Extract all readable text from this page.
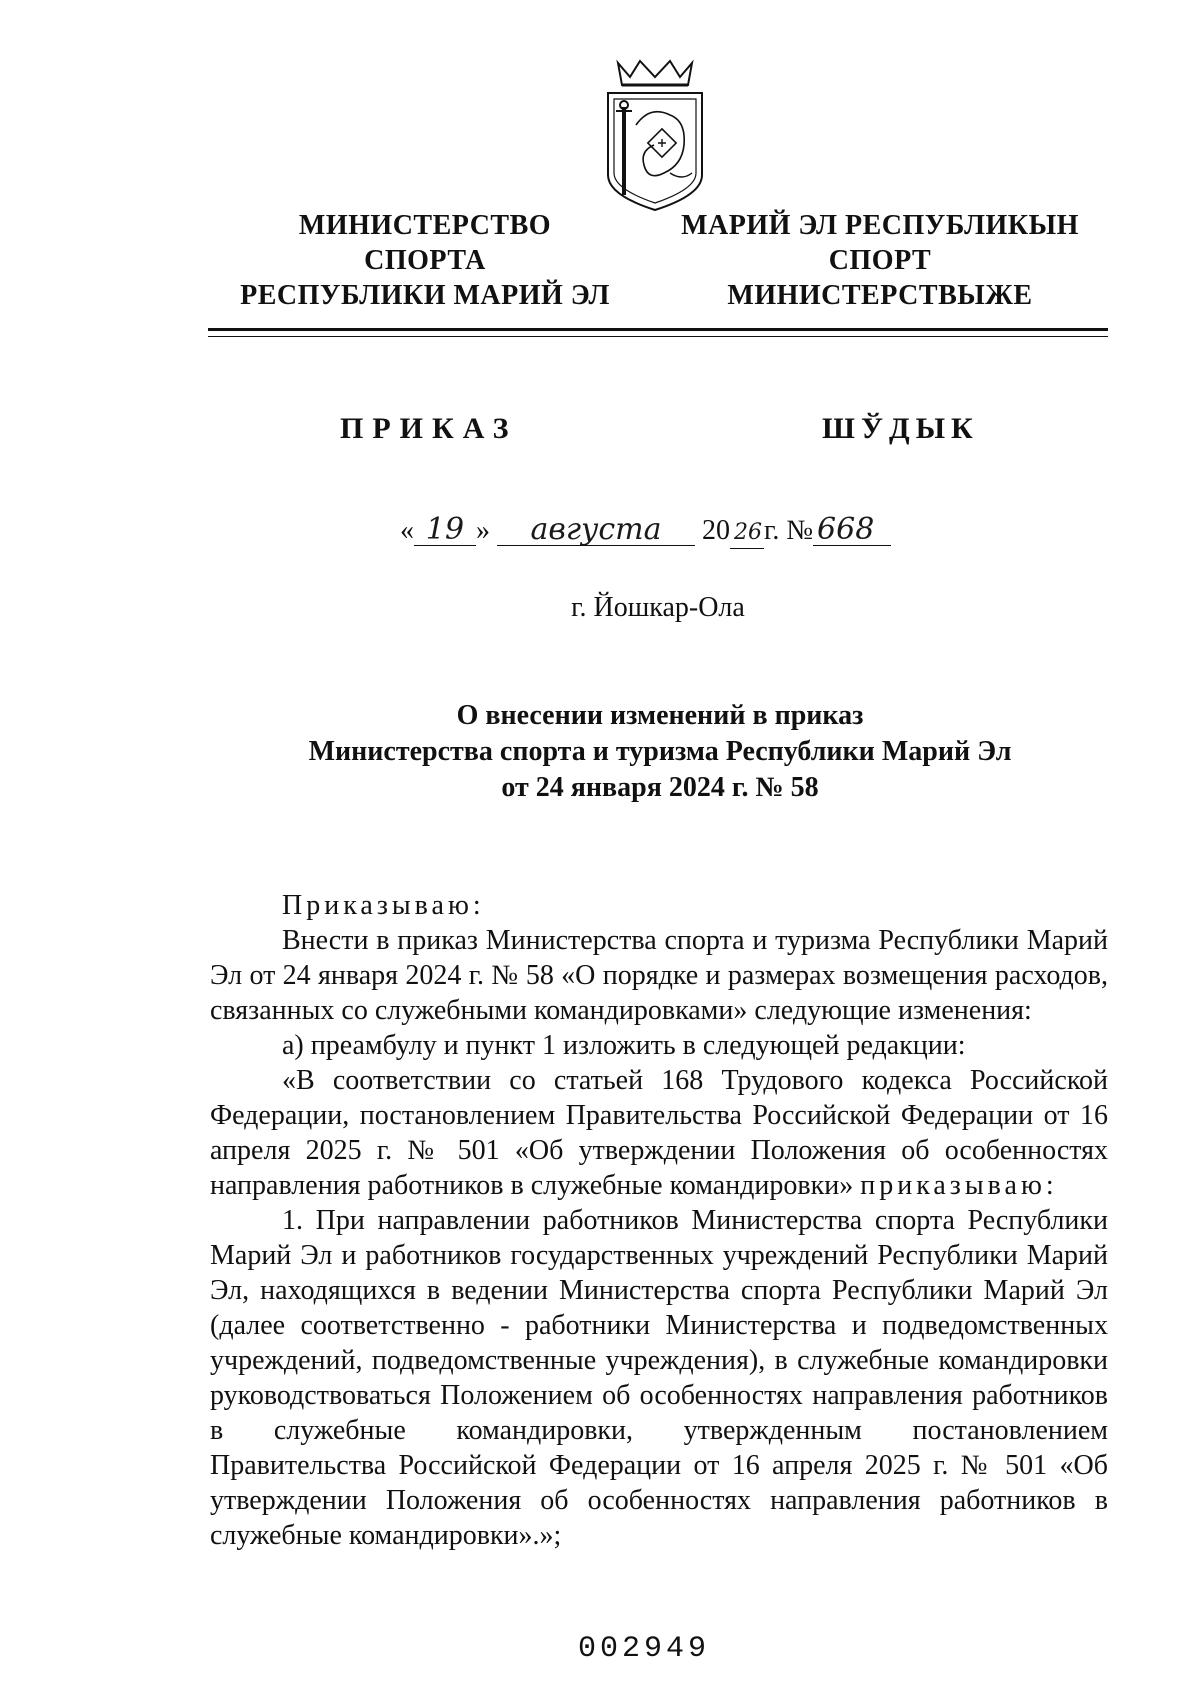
МИНИСТЕРСТВО
СПОРТА
РЕСПУБЛИКИ МАРИЙ ЭЛ
МАРИЙ ЭЛ РЕСПУБЛИКЫН
СПОРТ
МИНИСТЕРСТВЫЖЕ
ПРИКАЗ	ШЎДЫК
« 19 » августа 20 26г. № 668
г. Йошкар-Ола
О внесении изменений в приказ
Министерства спорта и туризма Республики Марий Эл
от 24 января 2024 г. № 58

Приказываю:

Внести в приказ Министерства спорта и туризма Республики Марий Эл от 24 января 2024 г. № 58 «О порядке и размерах возмещения расходов, связанных со служебными командировками» следующие изменения:

а) преамбулу и пункт 1 изложить в следующей редакции:

«В соответствии со статьей 168 Трудового кодекса Российской Федерации, постановлением Правительства Российской Федерации от 16 апреля 2025 г. № 501 «Об утверждении Положения об особенностях направления работников в служебные командировки» приказываю:

1. При направлении работников Министерства спорта Республики Марий Эл и работников государственных учреждений Республики Марий Эл, находящихся в ведении Министерства спорта Республики Марий Эл (далее соответственно - работники Министерства и подведомственных учреждений, подведомственные учреждения), в служебные командировки руководствоваться Положением об особенностях направления работников в служебные командировки, утвержденным постановлением Правительства Российской Федерации от 16 апреля 2025 г. № 501 «Об утверждении Положения об особенностях направления работников в служебные командировки».»;

002949
